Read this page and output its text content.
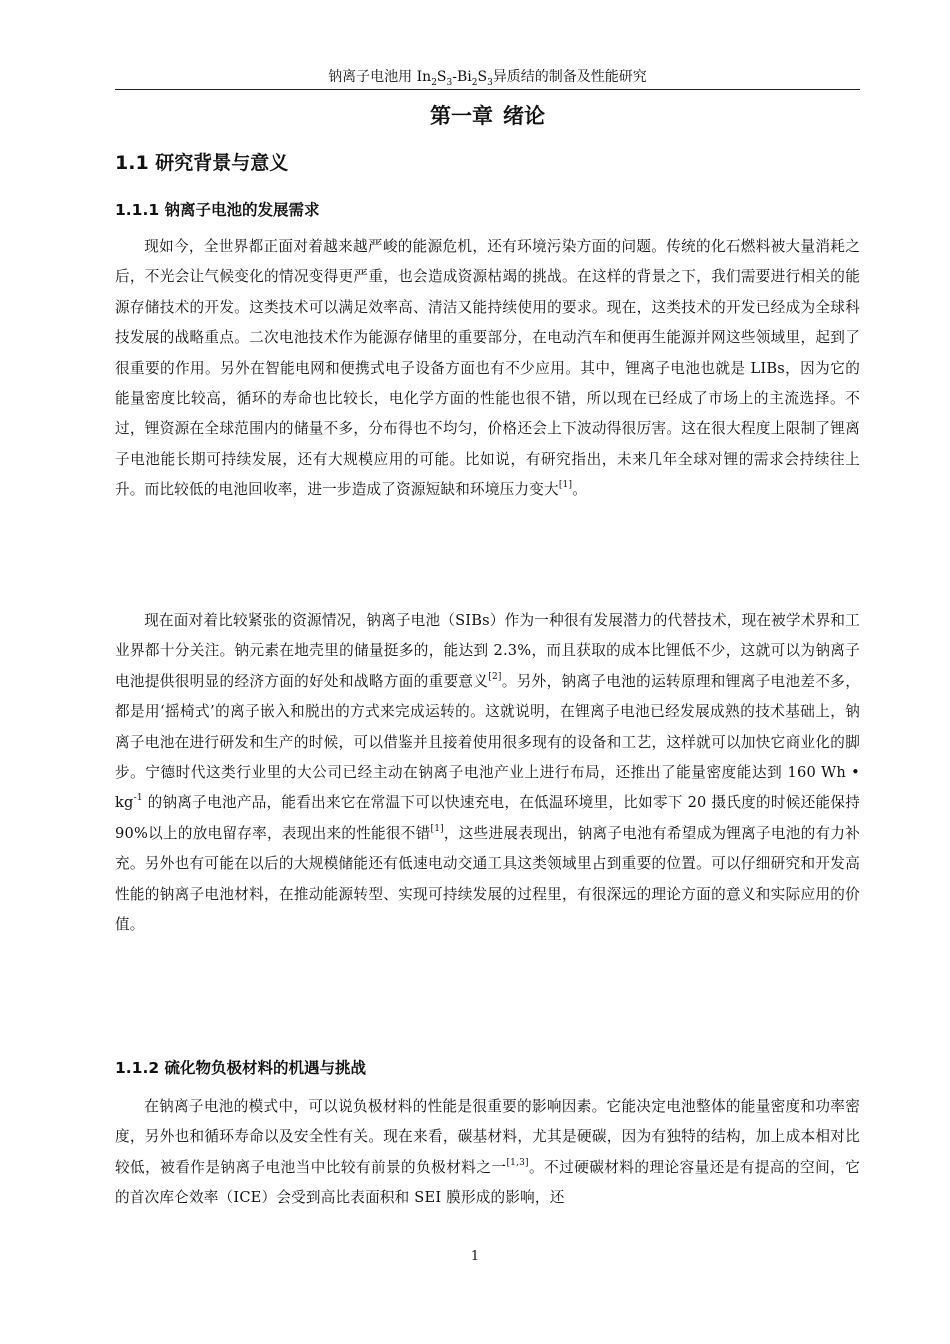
钠离子电池用 $In_2S_3-Bi_2S_3$异质结的制备及性能研究
第一章 绪论
1.1 研究背景与意义
1.1.1 钠离子电池的发展需求

现如今，全世界都正面对着越来越严峻的能源危机，还有环境污染方面的问题。传统的化石燃料被大量消耗之后，不光会让气候变化的情况变得更严重，也会造成资源枯竭的挑战。在这样的背景之下，我们需要进行相关的能源存储技术的开发。这类技术可以满足效率高、清洁又能持续使用的要求。现在，这类技术的开发已经成为全球科技发展的战略重点。二次电池技术作为能源存储里的重要部分，在电动汽车和便再生能源并网这些领域里，起到了很重要的作用。另外在智能电网和便携式电子设备方面也有不少应用。其中，锂离子电池也就是 LIBs，因为它的能量密度比较高，循环的寿命也比较长，电化学方面的性能也很不错，所以现在已经成了市场上的主流选择。不过，锂资源在全球范围内的储量不多，分布得也不均匀，价格还会上下波动得很厉害。这在很大程度上限制了锂离子电池能长期可持续发展，还有大规模应用的可能。比如说，有研究指出，未来几年全球对锂的需求会持续往上升。而比较低的电池回收率，进一步造成了资源短缺和环境压力变大[1]。

现在面对着比较紧张的资源情况，钠离子电池（SIBs）作为一种很有发展潜力的代替技术，现在被学术界和工业界都十分关注。钠元素在地壳里的储量挺多的，能达到 2.3%，而且获取的成本比锂低不少，这就可以为钠离子电池提供很明显的经济方面的好处和战略方面的重要意义[2]。另外，钠离子电池的运转原理和锂离子电池差不多，都是用‘摇椅式’的离子嵌入和脱出的方式来完成运转的。这就说明，在锂离子电池已经发展成熟的技术基础上，钠离子电池在进行研发和生产的时候，可以借鉴并且接着使用很多现有的设备和工艺，这样就可以加快它商业化的脚步。宁德时代这类行业里的大公司已经主动在钠离子电池产业上进行布局，还推出了能量密度能达到 160 Wh • $kg^{-1}$ 的钠离子电池产品，能看出来它在常温下可以快速充电，在低温环境里，比如零下 20 摄氏度的时候还能保持 90%以上的放电留存率，表现出来的性能很不错[1]，这些进展表现出，钠离子电池有希望成为锂离子电池的有力补充。另外也有可能在以后的大规模储能还有低速电动交通工具这类领域里占到重要的位置。可以仔细研究和开发高性能的钠离子电池材料，在推动能源转型、实现可持续发展的过程里，有很深远的理论方面的意义和实际应用的价值。

1.1.2 硫化物负极材料的机遇与挑战

在钠离子电池的模式中，可以说负极材料的性能是很重要的影响因素。它能决定电池整体的能量密度和功率密度，另外也和循环寿命以及安全性有关。现在来看，碳基材料，尤其是硬碳，因为有独特的结构，加上成本相对比较低，被看作是钠离子电池当中比较有前景的负极材料之一[1,3]。不过硬碳材料的理论容量还是有提高的空间，它的首次库仑效率（ICE）会受到高比表面积和 SEI 膜形成的影响，还

1
